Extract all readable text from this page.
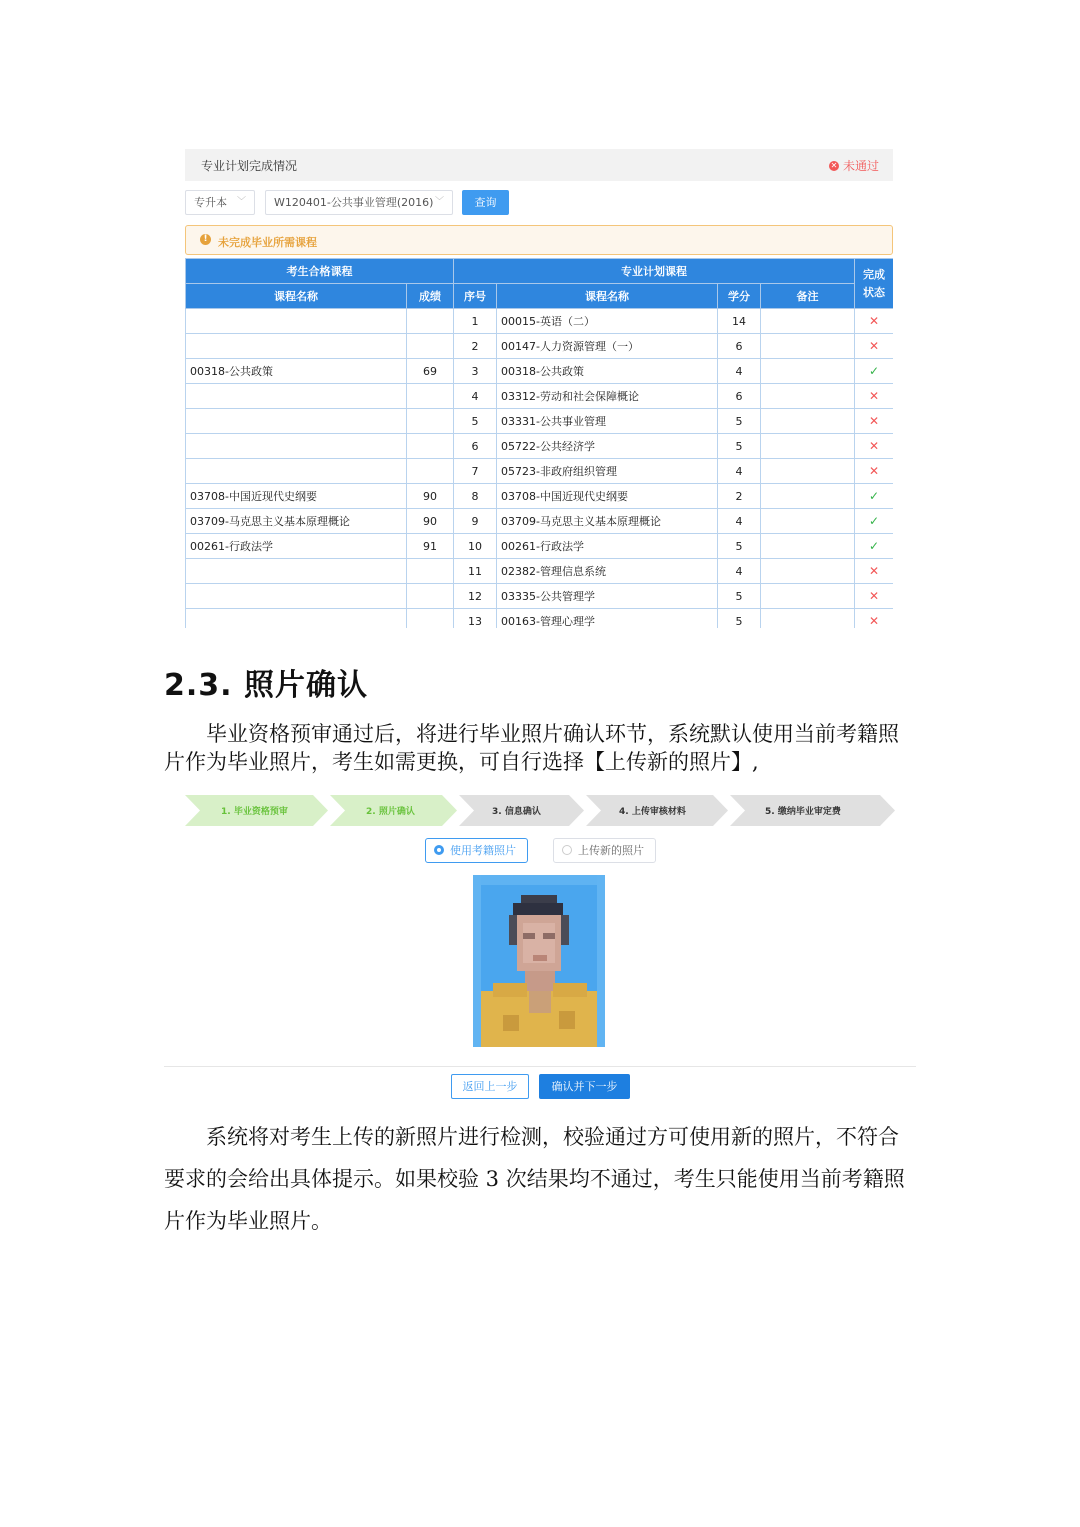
专业计划完成情况	✕ 未通过
专升本 ﹀	W120401-公共事业管理(2016) ﹀	查询
! 未完成毕业所需课程
考生合格课程		专业计划课程				完成状态
课程名称	成绩	序号	课程名称	学分	备注	
		1	00015-英语（二）	14		✕
		2	00147-人力资源管理（一）	6		✕
00318-公共政策	69	3	00318-公共政策	4		✓
		4	03312-劳动和社会保障概论	6		✕
		5	03331-公共事业管理	5		✕
		6	05722-公共经济学	5		✕
		7	05723-非政府组织管理	4		✕
03708-中国近现代史纲要	90	8	03708-中国近现代史纲要	2		✓
03709-马克思主义基本原理概论	90	9	03709-马克思主义基本原理概论	4		✓
00261-行政法学	91	10	00261-行政法学	5		✓
		11	02382-管理信息系统	4		✕
		12	03335-公共管理学	5		✕
		13	00163-管理心理学	5		✕
2.3. 照片确认

毕业资格预审通过后，将进行毕业照片确认环节，系统默认使用当前考籍照片作为毕业照片，考生如需更换，可自行选择【上传新的照片】,

1. 毕业资格预审	2. 照片确认	3. 信息确认	4. 上传审核材料	5. 缴纳毕业审定费
使用考籍照片	上传新的照片
返回上一步	确认并下一步

系统将对考生上传的新照片进行检测，校验通过方可使用新的照片，不符合要求的会给出具体提示。如果校验 3 次结果均不通过，考生只能使用当前考籍照片作为毕业照片。
